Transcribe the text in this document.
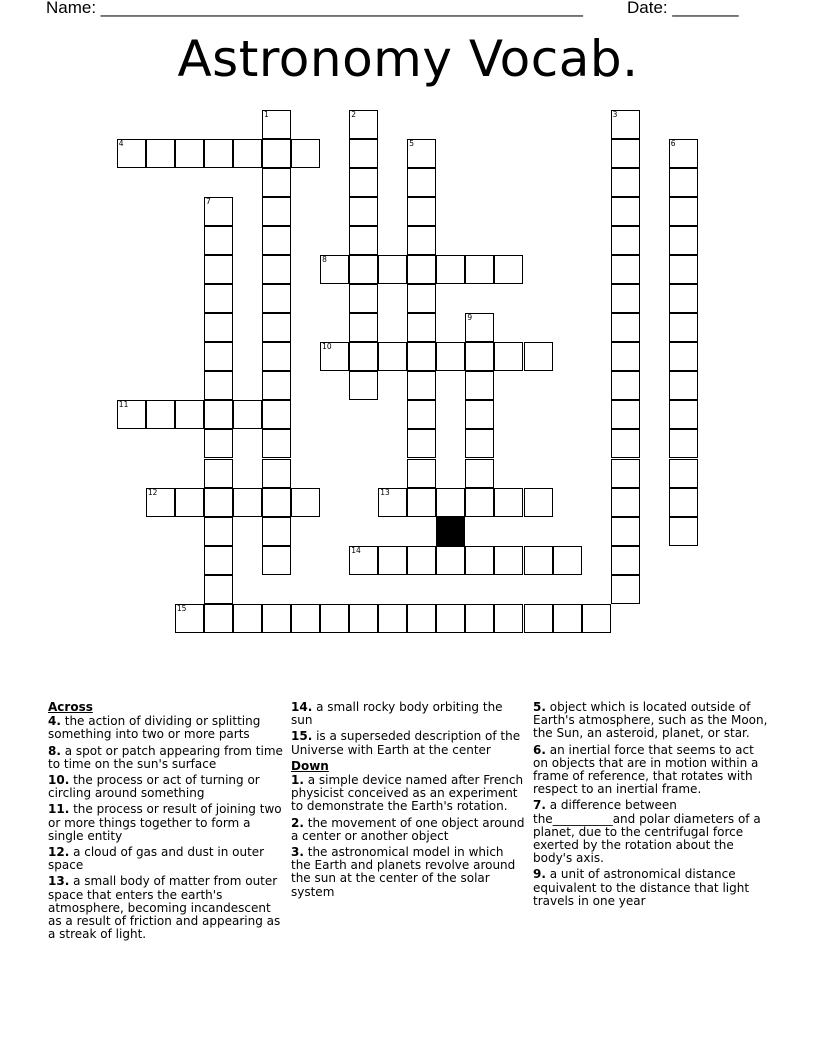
Name: ___________________________________________________	Date: _______
Astronomy Vocab.
1	2	3
4	5	6
7
8
9
10
11
12	13
14
15
Across
4. the action of dividing or splitting something into two or more parts
8. a spot or patch appearing from time to time on the sun's surface
10. the process or act of turning or circling around something
11. the process or result of joining two or more things together to form a single entity
12. a cloud of gas and dust in outer space
13. a small body of matter from outer space that enters the earth's atmosphere, becoming incandescent as a result of friction and appearing as a streak of light.
14. a small rocky body orbiting the sun
15. is a superseded description of the Universe with Earth at the center
Down
1. a simple device named after French physicist conceived as an experiment to demonstrate the Earth's rotation.
2. the movement of one object around a center or another object
3. the astronomical model in which the Earth and planets revolve around the sun at the center of the solar system
5. object which is located outside of Earth's atmosphere, such as the Moon, the Sun, an asteroid, planet, or star.
6. an inertial force that seems to act on objects that are in motion within a frame of reference, that rotates with respect to an inertial frame.
7. a difference between the__________and polar diameters of a planet, due to the centrifugal force exerted by the rotation about the body's axis.
9. a unit of astronomical distance equivalent to the distance that light travels in one year
